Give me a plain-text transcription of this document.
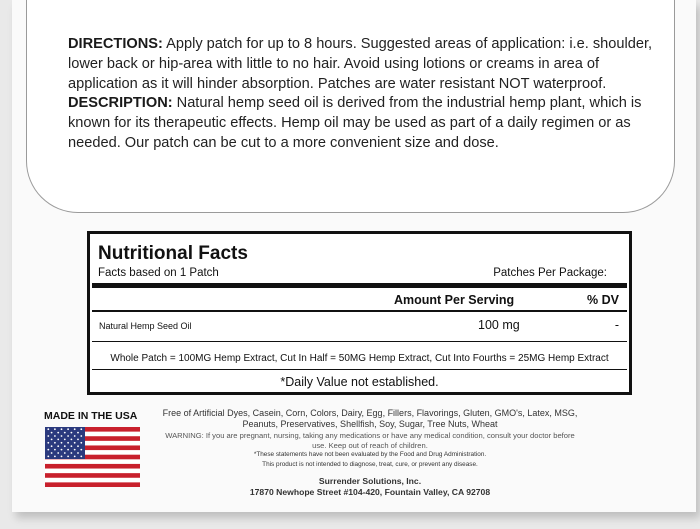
DIRECTIONS: Apply patch for up to 8 hours. Suggested areas of application: i.e. shoulder, lower back or hip-area with little to no hair. Avoid using lotions or creams in area of application as it will hinder absorption. Patches are water resistant NOT waterproof.

DESCRIPTION: Natural hemp seed oil is derived from the industrial hemp plant, which is known for its therapeutic effects. Hemp oil may be used as part of a daily regimen or as needed. Our patch can be cut to a more convenient size and dose.

Nutritional Facts
Facts based on 1 Patch	Patches Per Package:
Amount Per Serving	% DV
Natural Hemp Seed Oil	100 mg	-
Whole Patch = 100MG Hemp Extract, Cut In Half = 50MG Hemp Extract, Cut Into Fourths = 25MG Hemp Extract
*Daily Value not established.
MADE IN THE USA	Free of Artificial Dyes, Casein, Corn, Colors, Dairy, Egg, Fillers, Flavorings, Gluten, GMO's, Latex, MSG, Peanuts, Preservatives, Shellfish, Soy, Sugar, Tree Nuts, Wheat
WARNING: If you are pregnant, nursing, taking any medications or have any medical condition, consult your doctor before use. Keep out of reach of children.
*These statements have not been evaluated by the Food and Drug Administration.
This product is not intended to diagnose, treat, cure, or prevent any disease.
Surrender Solutions, Inc.
17870 Newhope Street #104-420, Fountain Valley, CA 92708
